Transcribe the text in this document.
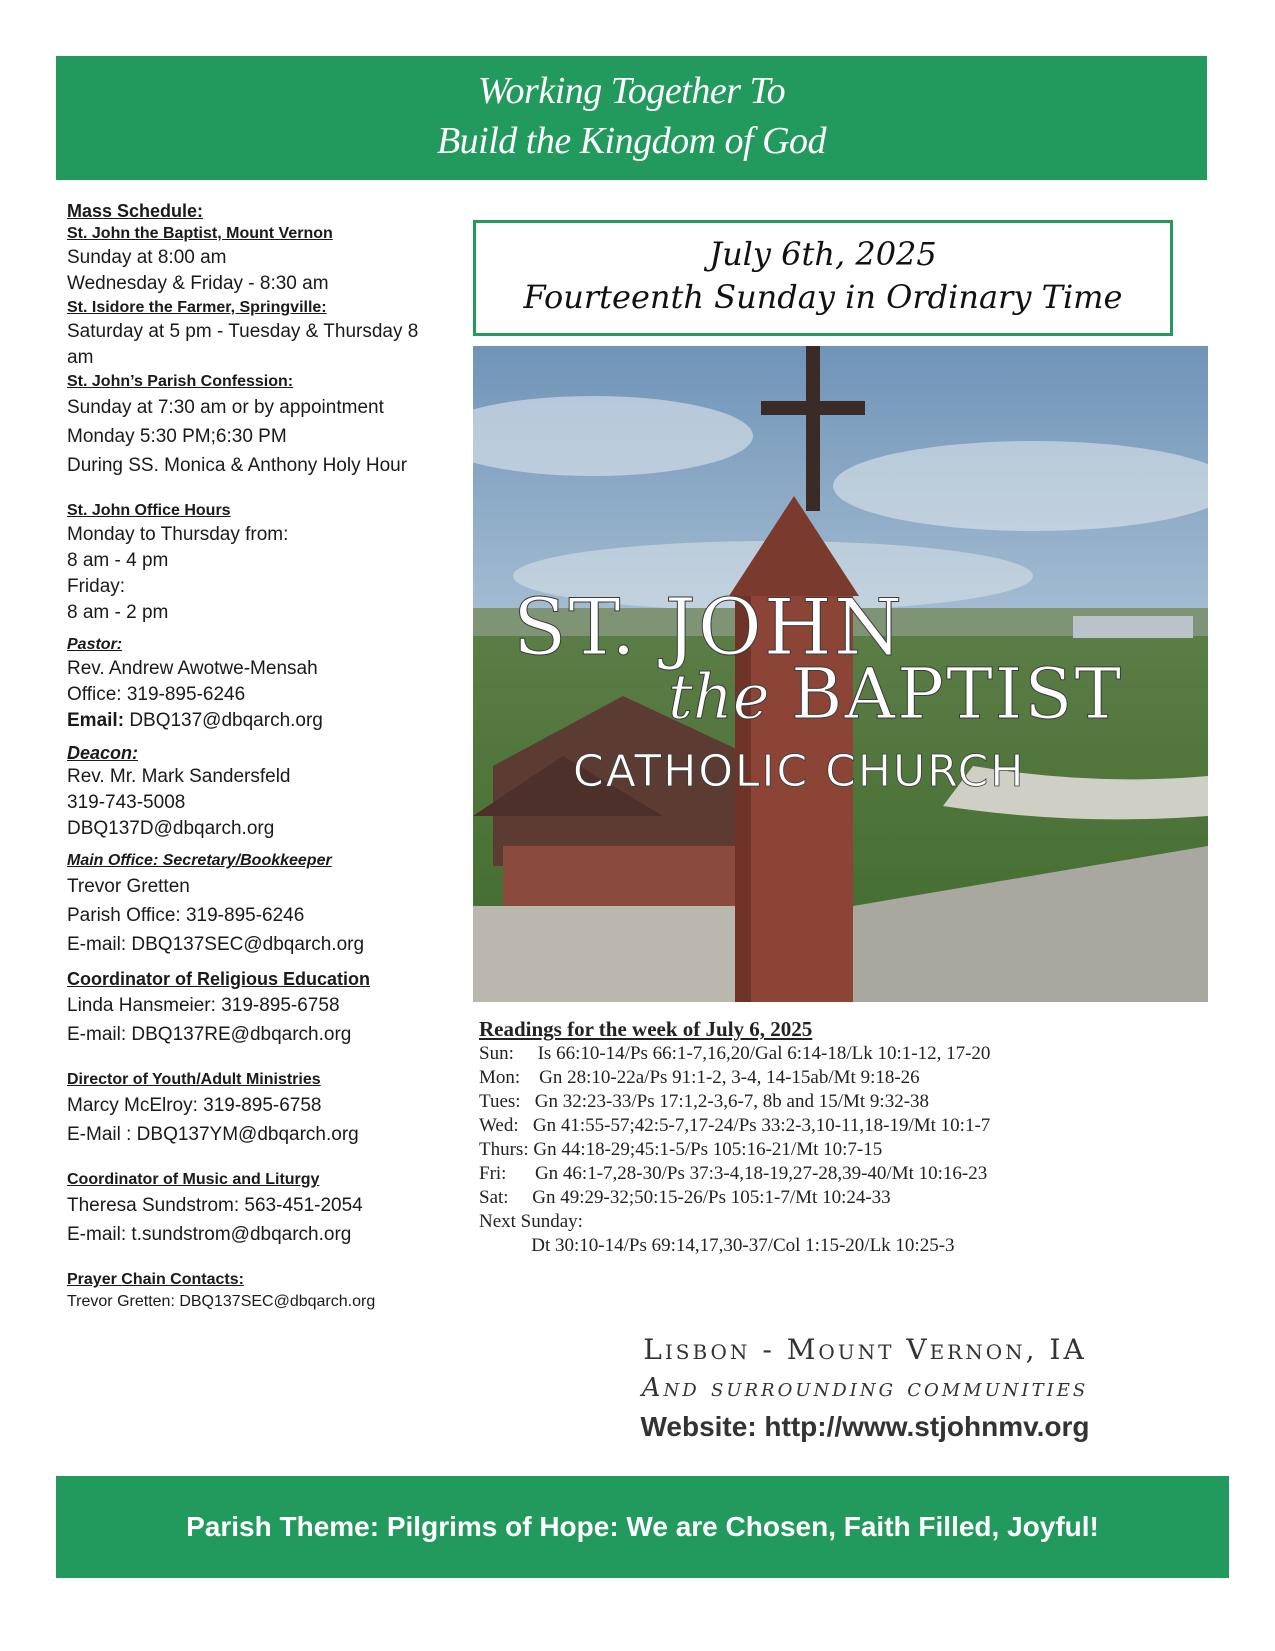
Working Together To
Build the Kingdom of God
Mass Schedule:
St. John the Baptist, Mount Vernon
Sunday at 8:00 am
Wednesday & Friday - 8:30 am
St. Isidore the Farmer, Springville:
Saturday at 5 pm - Tuesday & Thursday 8 am
St. John’s Parish Confession:
Sunday at 7:30 am or by appointment
Monday 5:30 PM;6:30 PM
During SS. Monica & Anthony Holy Hour
St. John Office Hours
Monday to Thursday from:
8 am - 4 pm
Friday:
8 am - 2 pm
Pastor:
Rev. Andrew Awotwe-Mensah
Office: 319-895-6246
Email: DBQ137@dbqarch.org
Deacon:
Rev. Mr. Mark Sandersfeld
319-743-5008
DBQ137D@dbqarch.org
Main Office: Secretary/Bookkeeper
Trevor Gretten
Parish Office: 319-895-6246
E-mail: DBQ137SEC@dbqarch.org
Coordinator of Religious Education
Linda Hansmeier: 319-895-6758
E-mail: DBQ137RE@dbqarch.org
Director of Youth/Adult Ministries
Marcy McElroy: 319-895-6758
E-Mail : DBQ137YM@dbqarch.org
Coordinator of Music and Liturgy
Theresa Sundstrom: 563-451-2054
E-mail: t.sundstrom@dbqarch.org
Prayer Chain Contacts:
Trevor Gretten: DBQ137SEC@dbqarch.org
July 6th, 2025
Fourteenth Sunday in Ordinary Time
ST. JOHN
the BAPTIST
CATHOLIC CHURCH
Readings for the week of July 6, 2025
Sun:     Is 66:10-14/Ps 66:1-7,16,20/Gal 6:14-18/Lk 10:1-12, 17-20
Mon:    Gn 28:10-22a/Ps 91:1-2, 3-4, 14-15ab/Mt 9:18-26
Tues:   Gn 32:23-33/Ps 17:1,2-3,6-7, 8b and 15/Mt 9:32-38
Wed:   Gn 41:55-57;42:5-7,17-24/Ps 33:2-3,10-11,18-19/Mt 10:1-7
Thurs: Gn 44:18-29;45:1-5/Ps 105:16-21/Mt 10:7-15
Fri:      Gn 46:1-7,28-30/Ps 37:3-4,18-19,27-28,39-40/Mt 10:16-23
Sat:     Gn 49:29-32;50:15-26/Ps 105:1-7/Mt 10:24-33
Next Sunday:
Dt 30:10-14/Ps 69:14,17,30-37/Col 1:15-20/Lk 10:25-3
Lisbon - Mount Vernon, IA
And surrounding communities
Website: http://www.stjohnmv.org
Parish Theme: Pilgrims of Hope: We are Chosen, Faith Filled, Joyful!
